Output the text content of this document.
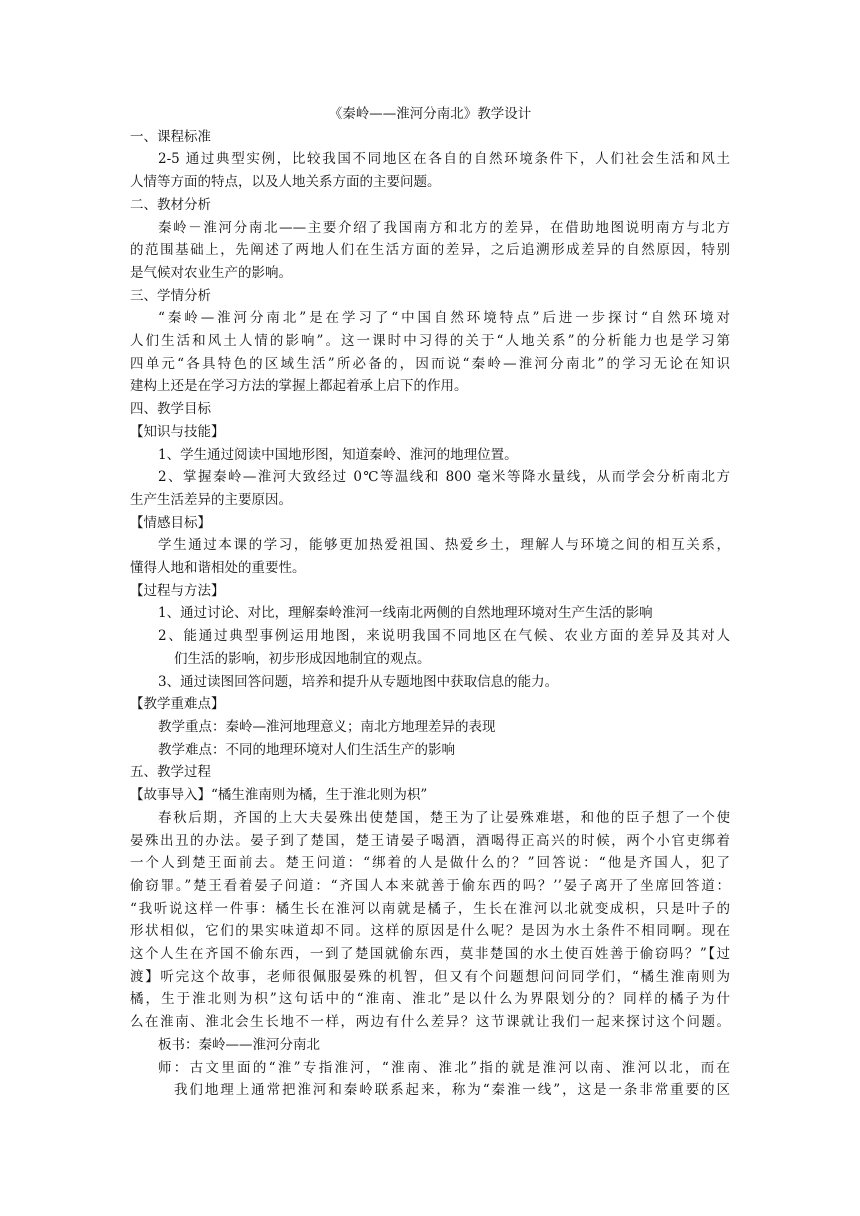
《秦岭——淮河分南北》教学设计
一、课程标准
2-5 通过典型实例，比较我国不同地区在各自的自然环境条件下，人们社会生活和风土
人情等方面的特点，以及人地关系方面的主要问题。
二、教材分析
秦岭－淮河分南北——主要介绍了我国南方和北方的差异，在借助地图说明南方与北方
的范围基础上，先阐述了两地人们在生活方面的差异，之后追溯形成差异的自然原因，特别
是气候对农业生产的影响。
三、学情分析
“秦岭—淮河分南北”是在学习了“中国自然环境特点”后进一步探讨“自然环境对
人们生活和风土人情的影响”。这一课时中习得的关于“人地关系”的分析能力也是学习第
四单元“各具特色的区域生活”所必备的，因而说“秦岭—淮河分南北”的学习无论在知识
建构上还是在学习方法的掌握上都起着承上启下的作用。
四、教学目标
【知识与技能】
1、学生通过阅读中国地形图，知道秦岭、淮河的地理位置。
2、掌握秦岭—淮河大致经过 0℃等温线和 800 毫米等降水量线，从而学会分析南北方
生产生活差异的主要原因。
【情感目标】
学生通过本课的学习，能够更加热爱祖国、热爱乡土，理解人与环境之间的相互关系，
懂得人地和谐相处的重要性。
【过程与方法】
1、通过讨论、对比，理解秦岭淮河一线南北两侧的自然地理环境对生产生活的影响
2、能通过典型事例运用地图，来说明我国不同地区在气候、农业方面的差异及其对人
们生活的影响，初步形成因地制宜的观点。
3、通过读图回答问题，培养和提升从专题地图中获取信息的能力。
【教学重难点】
教学重点：秦岭—淮河地理意义；南北方地理差异的表现
教学难点：不同的地理环境对人们生活生产的影响
五、教学过程
【故事导入】“橘生淮南则为橘，生于淮北则为枳”
春秋后期，齐国的上大夫晏殊出使楚国，楚王为了让晏殊难堪，和他的臣子想了一个使
晏殊出丑的办法。晏子到了楚国，楚王请晏子喝酒，酒喝得正高兴的时候，两个小官吏绑着
一个人到楚王面前去。楚王问道：“绑着的人是做什么的？”回答说：“他是齐国人，犯了
偷窃罪。”楚王看着晏子问道：“齐国人本来就善于偷东西的吗？’’晏子离开了坐席回答道：
“我听说这样一件事：橘生长在淮河以南就是橘子，生长在淮河以北就变成枳，只是叶子的
形状相似，它们的果实味道却不同。这样的原因是什么呢？是因为水土条件不相同啊。现在
这个人生在齐国不偷东西，一到了楚国就偷东西，莫非楚国的水土使百姓善于偷窃吗？”【过
渡】听完这个故事，老师很佩服晏殊的机智，但又有个问题想问问同学们，“橘生淮南则为
橘，生于淮北则为枳”这句话中的“淮南、淮北”是以什么为界限划分的？同样的橘子为什
么在淮南、淮北会生长地不一样，两边有什么差异？这节课就让我们一起来探讨这个问题。
板书：秦岭——淮河分南北
师：古文里面的“淮”专指淮河，“淮南、淮北”指的就是淮河以南、淮河以北，而在
我们地理上通常把淮河和秦岭联系起来，称为“秦淮一线”，这是一条非常重要的区
